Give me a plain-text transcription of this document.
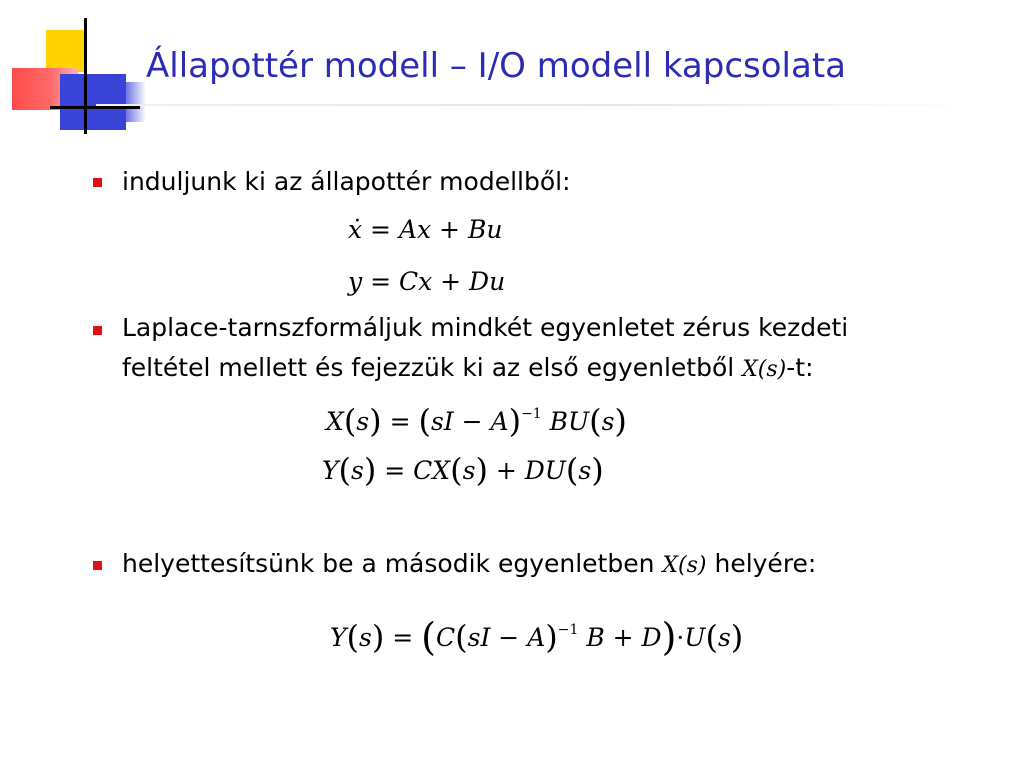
Állapottér modell – I/O modell kapcsolata
induljunk ki az állapottér modellből:
ẋ = Ax + Bu
y = Cx + Du
Laplace-tarnszformáljuk mindkét egyenletet zérus kezdeti
feltétel mellett és fejezzük ki az első egyenletből X(s)-t:
X(s) = (sI − A)$^{-1}$ BU(s)
Y(s) = CX(s) + DU(s)
helyettesítsünk be a második egyenletben X(s) helyére:
Y(s) = (C(sI − A)$^{-1}$ B + D)·U(s)
